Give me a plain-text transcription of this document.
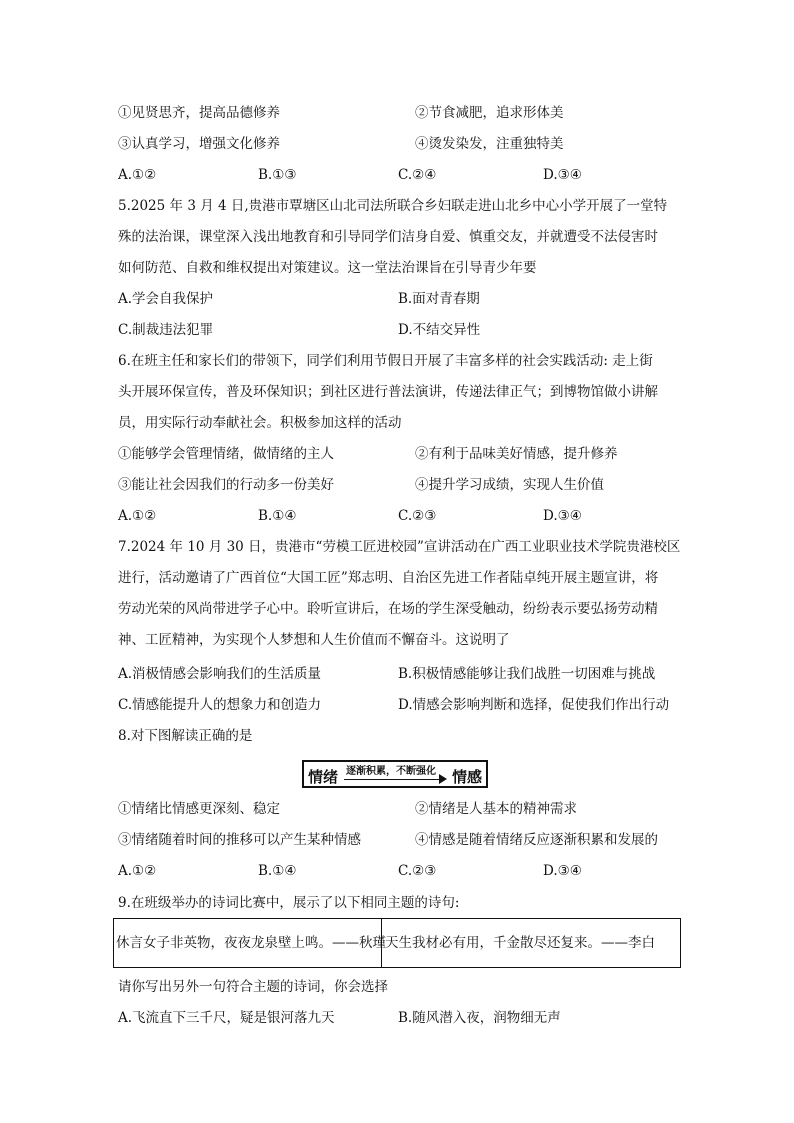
①见贤思齐，提高品德修养	②节食减肥，追求形体美
③认真学习，增强文化修养	④烫发染发，注重独特美
A.①②	B.①③	C.②④	D.③④
5.2025 年 3 月 4 日,贵港市覃塘区山北司法所联合乡妇联走进山北乡中心小学开展了一堂特
殊的法治课，课堂深入浅出地教育和引导同学们洁身自爱、慎重交友，并就遭受不法侵害时
如何防范、自救和维权提出对策建议。这一堂法治课旨在引导青少年要
A.学会自我保护	B.面对青春期
C.制裁违法犯罪	D.不结交异性
6.在班主任和家长们的带领下，同学们利用节假日开展了丰富多样的社会实践活动: 走上街
头开展环保宣传，普及环保知识；到社区进行普法演讲，传递法律正气；到博物馆做小讲解
员，用实际行动奉献社会。积极参加这样的活动
①能够学会管理情绪，做情绪的主人	②有利于品味美好情感，提升修养
③能让社会因我们的行动多一份美好	④提升学习成绩，实现人生价值
A.①②	B.①④	C.②③	D.③④
7.2024 年 10 月 30 日，贵港市“劳模工匠进校园”宣讲活动在广西工业职业技术学院贵港校区
进行，活动邀请了广西首位“大国工匠”郑志明、自治区先进工作者陆卓纯开展主题宣讲，将
劳动光荣的风尚带进学子心中。聆听宣讲后，在场的学生深受触动，纷纷表示要弘扬劳动精
神、工匠精神，为实现个人梦想和人生价值而不懈奋斗。这说明了
A.消极情感会影响我们的生活质量	B.积极情感能够让我们战胜一切困难与挑战
C.情感能提升人的想象力和创造力	D.情感会影响判断和选择，促使我们作出行动
8.对下图解读正确的是
情绪 逐渐积累，不断强化 情感
①情绪比情感更深刻、稳定	②情绪是人基本的精神需求
③情绪随着时间的推移可以产生某种情感	④情感是随着情绪反应逐渐积累和发展的
A.①②	B.①④	C.②③	D.③④
9.在班级举办的诗词比赛中，展示了以下相同主题的诗句:
休言女子非英物，夜夜龙泉壁上鸣。——秋瑾 天生我材必有用，千金散尽还复来。——李白
请你写出另外一句符合主题的诗词，你会选择
A.飞流直下三千尺，疑是银河落九天	B.随风潜入夜，润物细无声
